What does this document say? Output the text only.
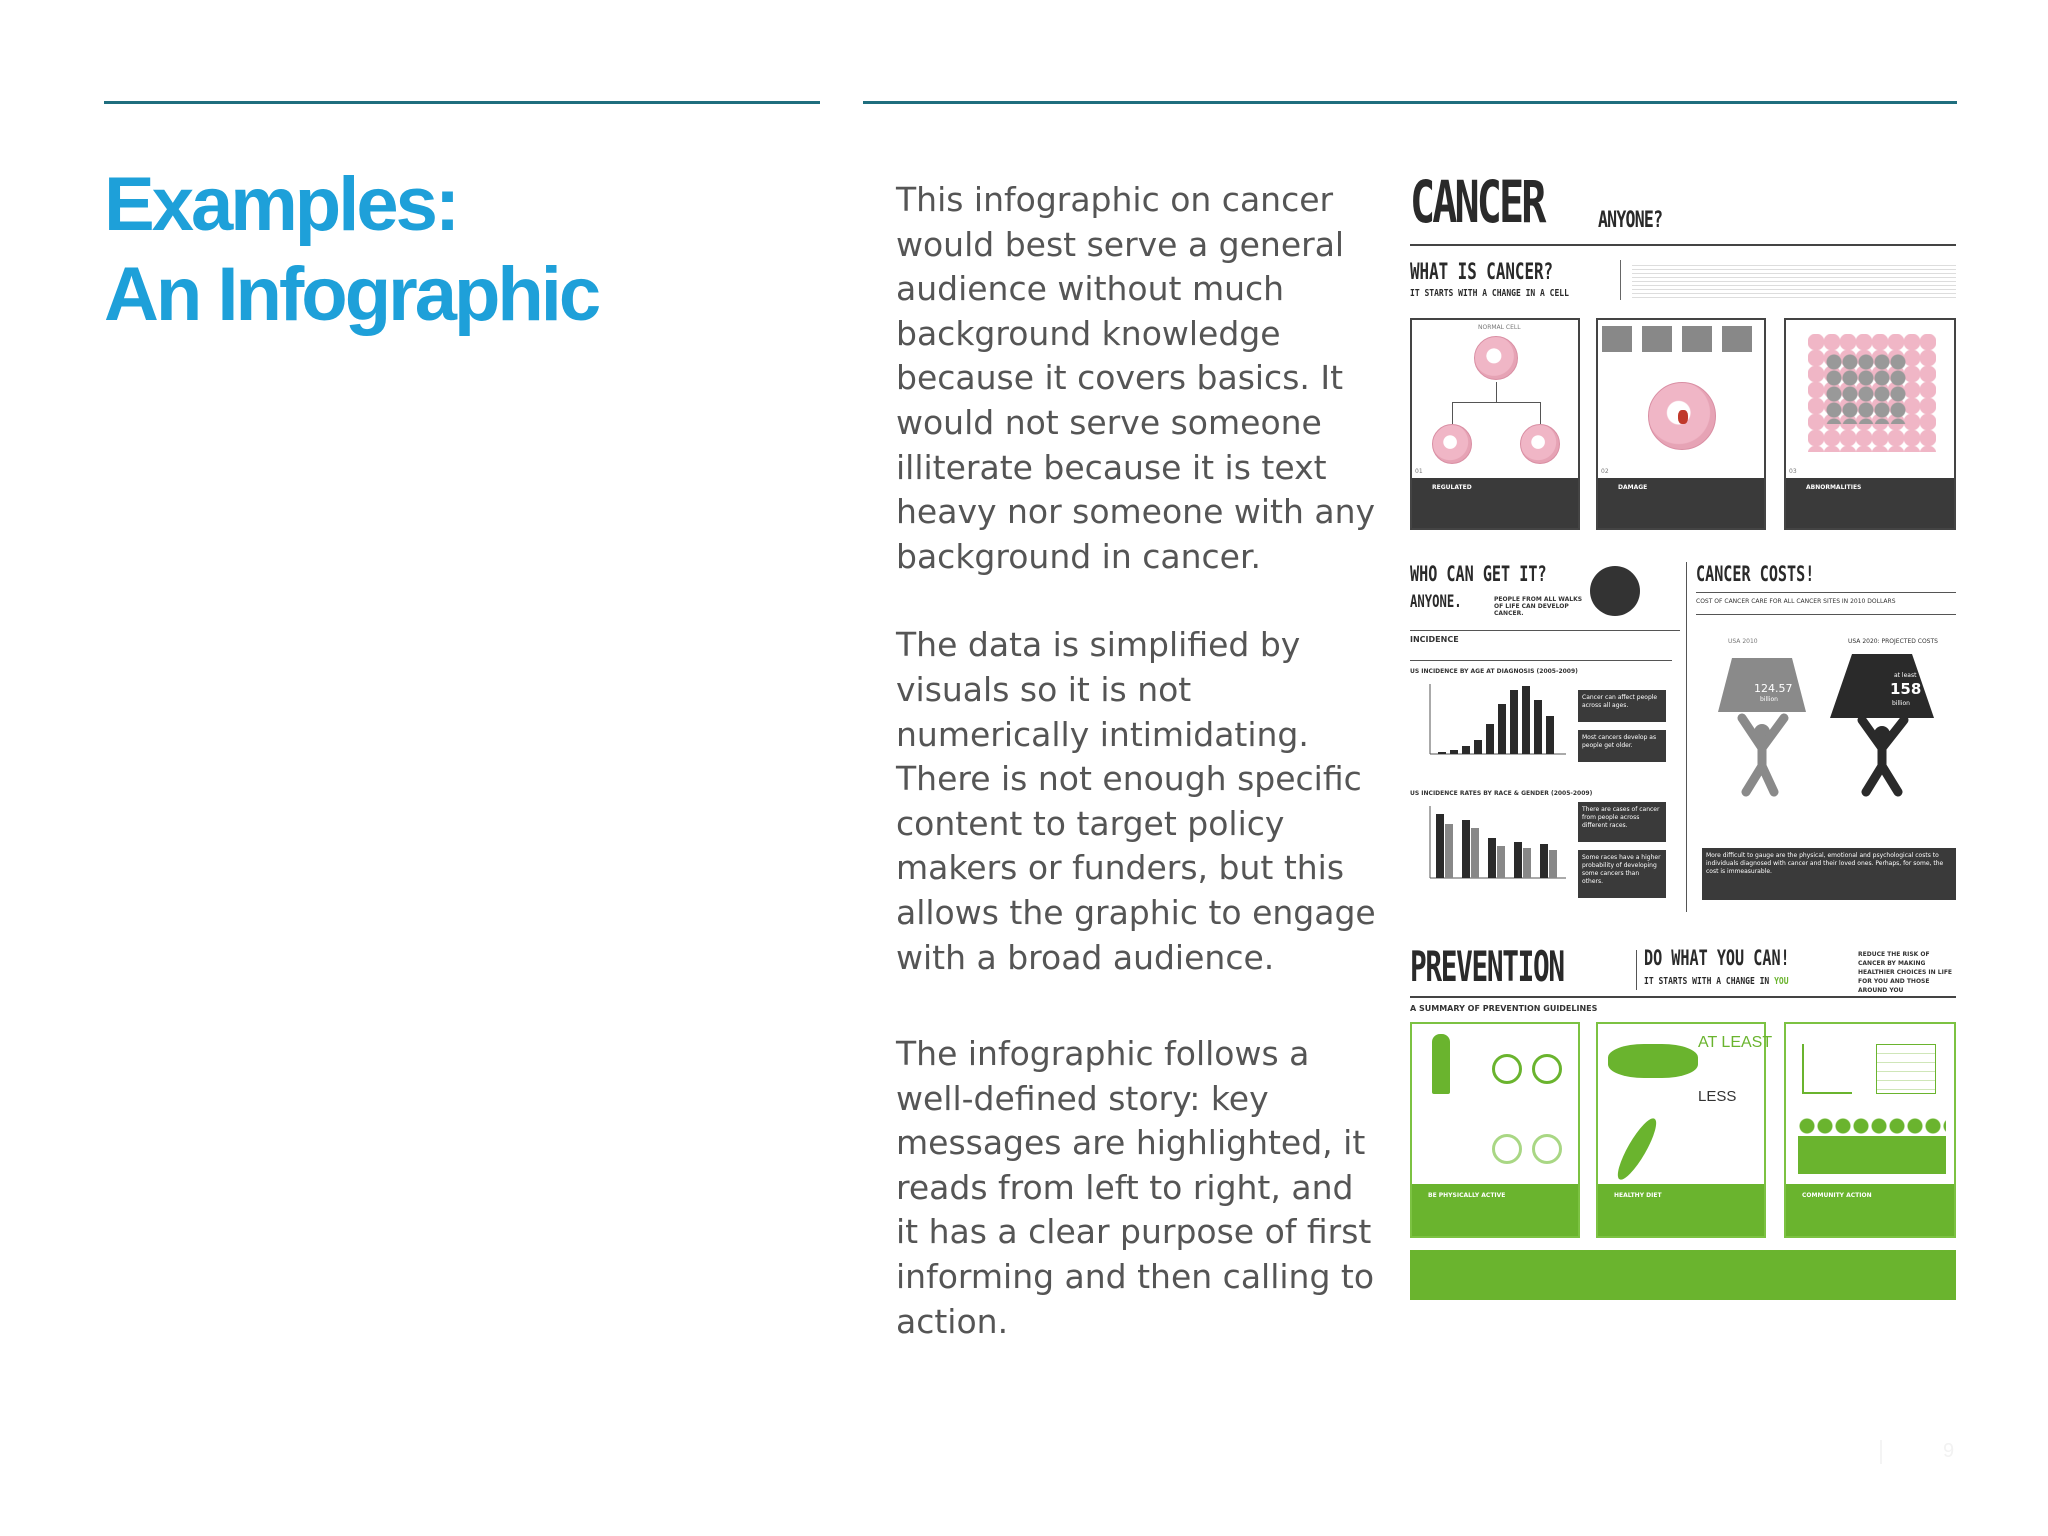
Examples:
An Infographic

This infographic on cancer would best serve a general audience without much background knowledge because it covers basics. It would not serve someone illiterate because it is text heavy nor someone with any background in cancer.

The data is simplified by visuals so it is not numerically intimidating. There is not enough specific content to target policy makers or funders, but this allows the graphic to engage with a broad audience.

The infographic follows a well-defined story: key messages are highlighted, it reads from left to right, and it has a clear purpose of first informing and then calling to action.

CANCER ANYONE?
WHAT IS CANCER?
IT STARTS WITH A CHANGE IN A CELL
NORMAL CELL
01
REGULATED
02
DAMAGE
03
ABNORMALITIES
WHO CAN GET IT?
ANYONE.	PEOPLE FROM ALL WALKS OF LIFE CAN DEVELOP CANCER.
INCIDENCE
US INCIDENCE BY AGE AT DIAGNOSIS (2005-2009)
US INCIDENCE RATES BY RACE & GENDER (2005-2009)
Cancer can affect people across all ages.
Most cancers develop as people get older.
There are cases of cancer from people across different races.
Some races have a higher probability of developing some cancers than others.
CANCER COSTS!
COST OF CANCER CARE FOR ALL CANCER SITES IN 2010 DOLLARS
USA 2010	USA 2020: PROJECTED COSTS
124.57
billion
at least
158
billion
More difficult to gauge are the physical, emotional and psychological costs to individuals diagnosed with cancer and their loved ones. Perhaps, for some, the cost is immeasurable.
PREVENTION	DO WHAT YOU CAN!
IT STARTS WITH A CHANGE IN YOU
REDUCE THE RISK OF CANCER BY MAKING HEALTHIER CHOICES IN LIFE FOR YOU AND THOSE AROUND YOU
A SUMMARY OF PREVENTION GUIDELINES
BE PHYSICALLY ACTIVE
AT LEAST
LESS
HEALTHY DIET	COMMUNITY ACTION
9
